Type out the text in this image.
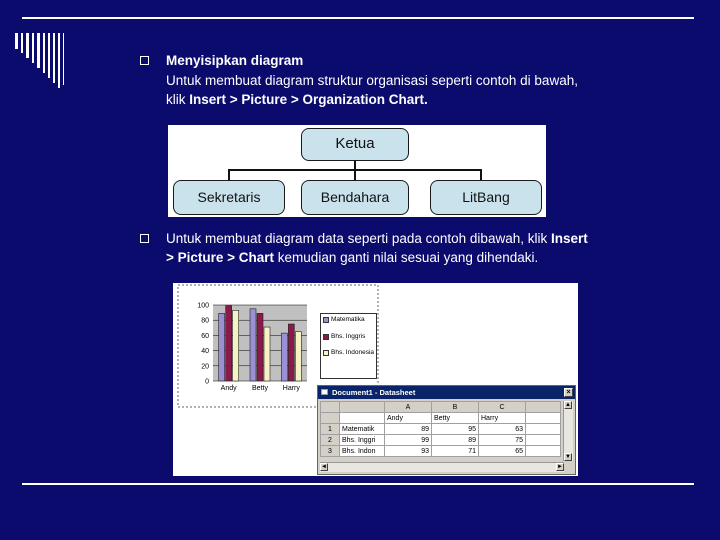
Menyisipkan diagram
Untuk membuat diagram struktur organisasi seperti contoh di bawah,
klik Insert > Picture > Organization Chart.
Ketua
Sekretaris	Bendahara	LitBang
Untuk membuat diagram data seperti pada contoh dibawah, klik Insert
> Picture > Chart kemudian ganti nilai sesuai yang dihendaki.
0
20
40
60
80
100
Andy Betty Harry
Matematika
Bhs. Inggris
Bhs. Indonesia
Document1 - Datasheet	×
		A	B	C	
		Andy	Betty	Harry	
1	Matematik	89	95	63	
2	Bhs. Inggri	99	89	75	
3	Bhs. Indon	93	71	65	
▲
▼
◄	►
